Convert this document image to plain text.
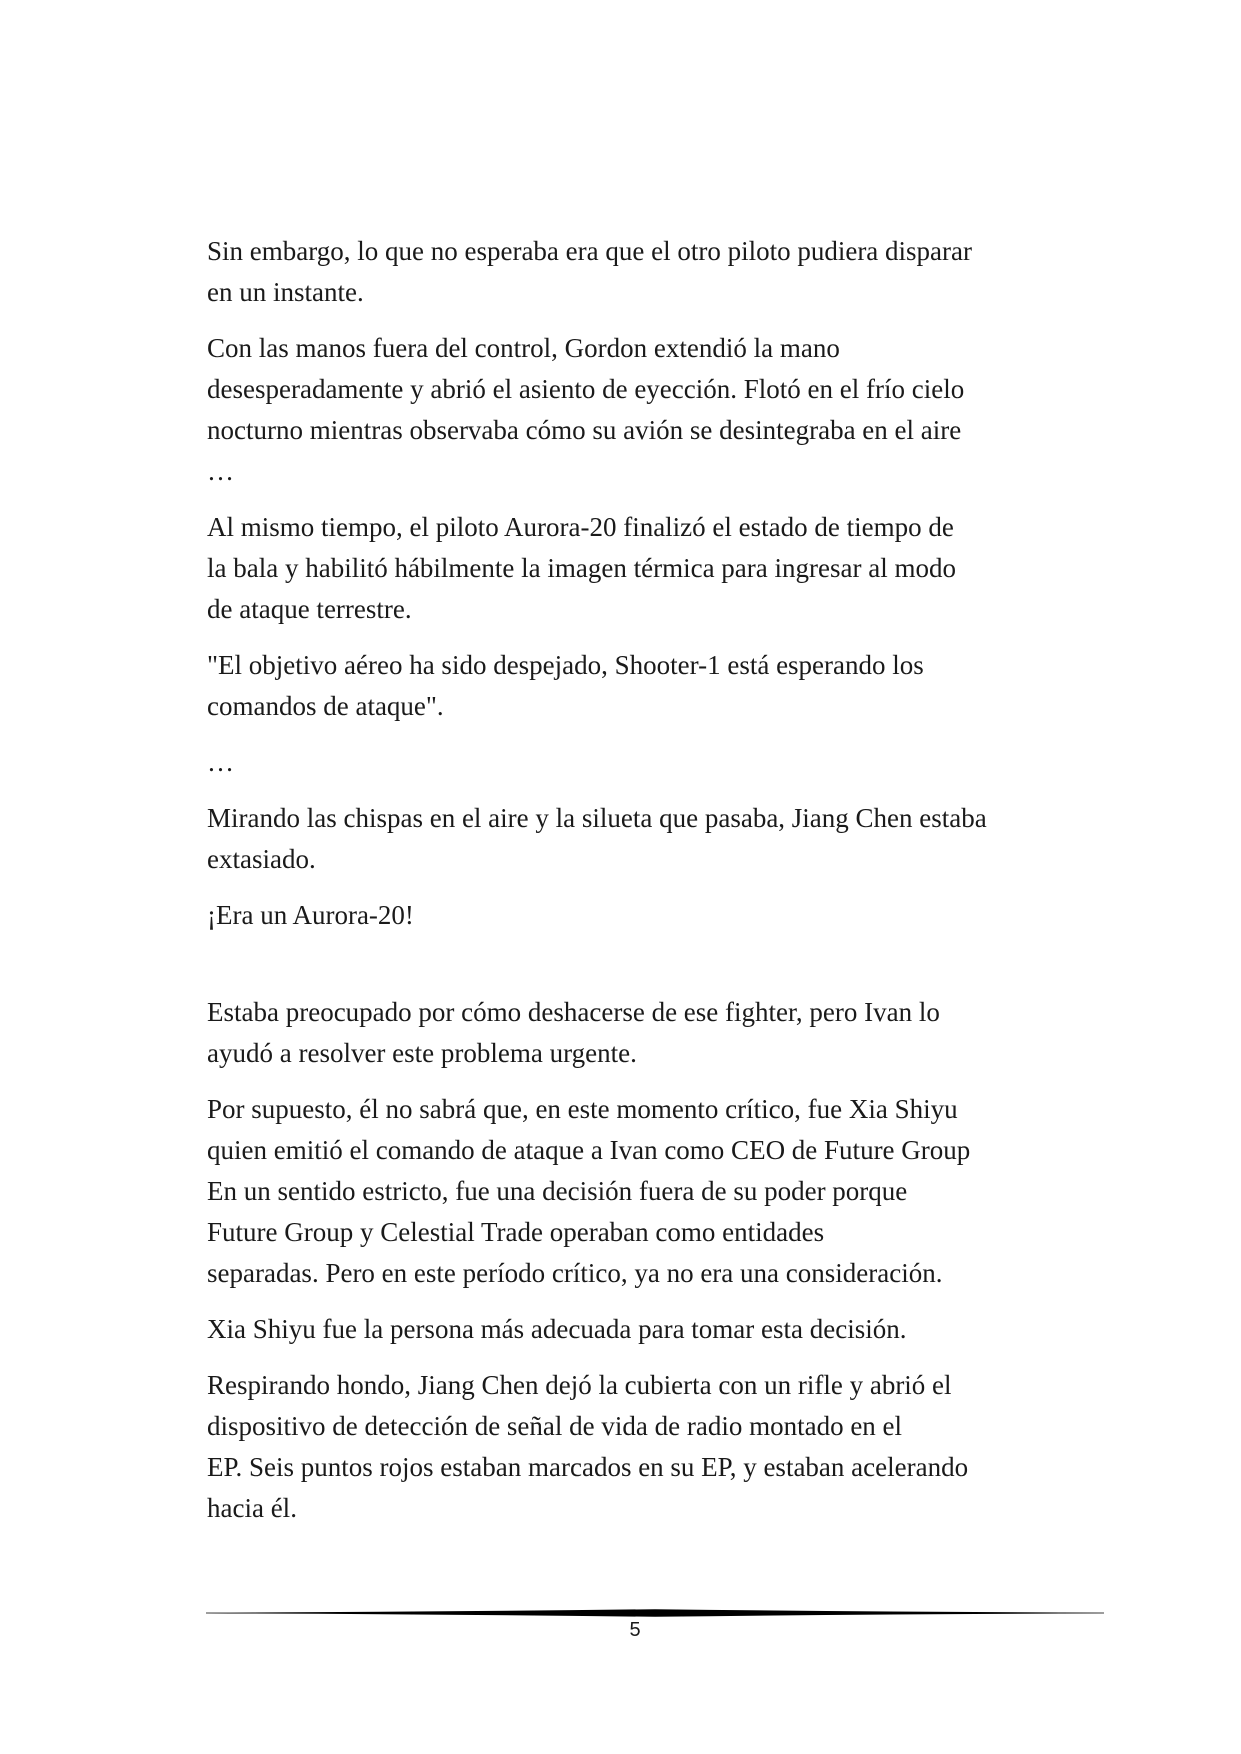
Sin embargo, lo que no esperaba era que el otro piloto pudiera disparar
en un instante.

Con las manos fuera del control, Gordon extendió la mano
desesperadamente y abrió el asiento de eyección. Flotó en el frío cielo
nocturno mientras observaba cómo su avión se desintegraba en el aire
…

Al mismo tiempo, el piloto Aurora-20 finalizó el estado de tiempo de
la bala y habilitó hábilmente la imagen térmica para ingresar al modo
de ataque terrestre.

"El objetivo aéreo ha sido despejado, Shooter-1 está esperando los
comandos de ataque".

…

Mirando las chispas en el aire y la silueta que pasaba, Jiang Chen estaba
extasiado.

¡Era un Aurora-20!

Estaba preocupado por cómo deshacerse de ese fighter, pero Ivan lo
ayudó a resolver este problema urgente.

Por supuesto, él no sabrá que, en este momento crítico, fue Xia Shiyu
quien emitió el comando de ataque a Ivan como CEO de Future Group
En un sentido estricto, fue una decisión fuera de su poder porque
Future Group y Celestial Trade operaban como entidades
separadas. Pero en este período crítico, ya no era una consideración.

Xia Shiyu fue la persona más adecuada para tomar esta decisión.

Respirando hondo, Jiang Chen dejó la cubierta con un rifle y abrió el
dispositivo de detección de señal de vida de radio montado en el
EP. Seis puntos rojos estaban marcados en su EP, y estaban acelerando
hacia él.

5
